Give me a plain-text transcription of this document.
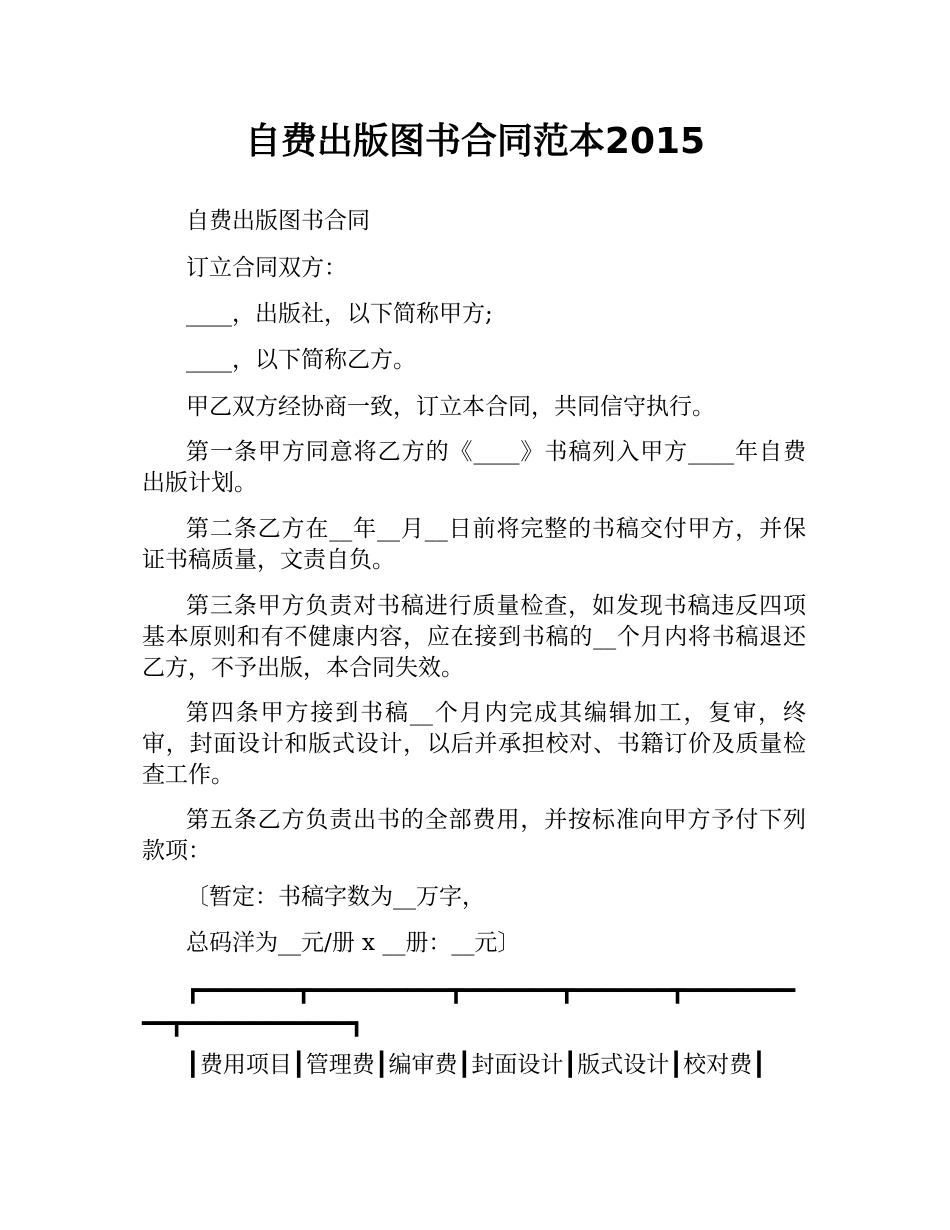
自费出版图书合同范本2015

自费出版图书合同

订立合同双方：

____，出版社，以下简称甲方;

____，以下简称乙方。

甲乙双方经协商一致，订立本合同，共同信守执行。

第一条甲方同意将乙方的《____》书稿列入甲方____年自费出版计划。

第二条乙方在__年__月__日前将完整的书稿交付甲方，并保证书稿质量，文责自负。

第三条甲方负责对书稿进行质量检查，如发现书稿违反四项基本原则和有不健康内容，应在接到书稿的__个月内将书稿退还乙方，不予出版，本合同失效。

第四条甲方接到书稿__个月内完成其编辑加工，复审，终审，封面设计和版式设计，以后并承担校对、书籍订价及质量检查工作。

第五条乙方负责出书的全部费用，并按标准向甲方予付下列款项：

〔暂定：书稿字数为__万字，

总码洋为__元/册 x __册：__元〕

┏━━━━━━━┳━━━━━━━━━━┳━━━━━━━┳━━━━━━━┳━━━━━━━━━━┳━━━━━━━━━━━━┓

┃费用项目┃管理费┃编审费┃封面设计┃版式设计┃校对费┃
